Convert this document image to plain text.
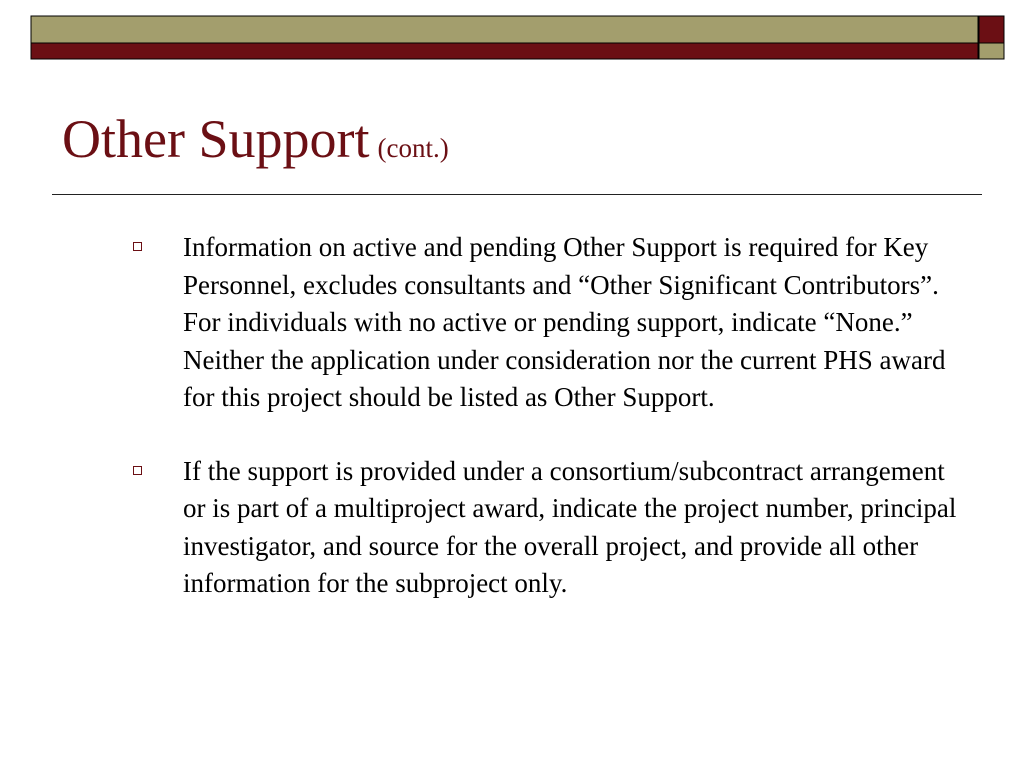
Other Support (cont.)
Information on active and pending Other Support is required for Key Personnel, excludes consultants and “Other Significant Contributors”. For individuals with no active or pending support, indicate “None.” Neither the application under consideration nor the current PHS award for this project should be listed as Other Support.
If the support is provided under a consortium/subcontract arrangement or is part of a multiproject award, indicate the project number, principal investigator, and source for the overall project, and provide all other information for the subproject only.
